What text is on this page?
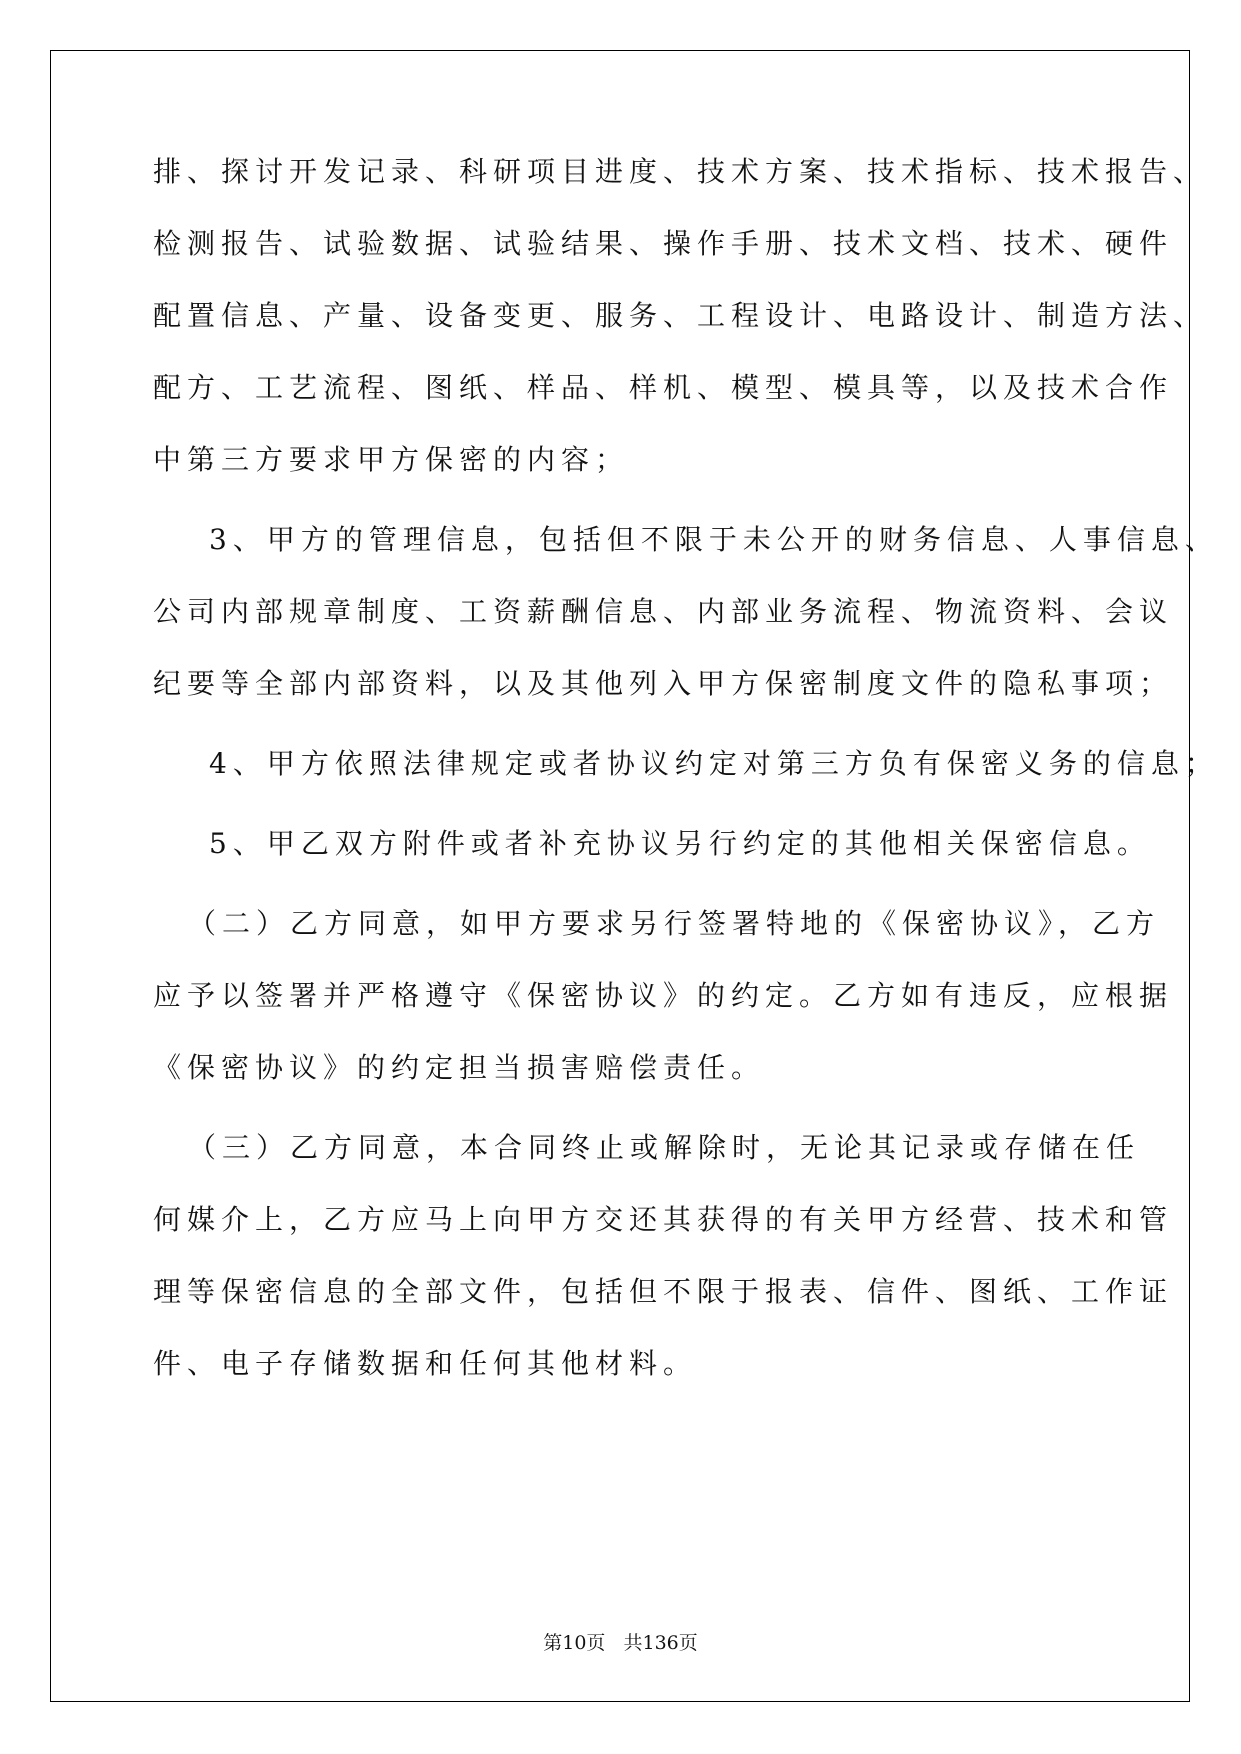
排、探讨开发记录、科研项目进度、技术方案、技术指标、技术报告、
检测报告、试验数据、试验结果、操作手册、技术文档、技术、硬件
配置信息、产量、设备变更、服务、工程设计、电路设计、制造方法、
配方、工艺流程、图纸、样品、样机、模型、模具等，以及技术合作
中第三方要求甲方保密的内容；
3、甲方的管理信息，包括但不限于未公开的财务信息、人事信息、
公司内部规章制度、工资薪酬信息、内部业务流程、物流资料、会议
纪要等全部内部资料，以及其他列入甲方保密制度文件的隐私事项；
4、甲方依照法律规定或者协议约定对第三方负有保密义务的信息；
5、甲乙双方附件或者补充协议另行约定的其他相关保密信息。
（二）乙方同意，如甲方要求另行签署特地的《保密协议》，乙方
应予以签署并严格遵守《保密协议》的约定。乙方如有违反，应根据
《保密协议》的约定担当损害赔偿责任。
（三）乙方同意，本合同终止或解除时，无论其记录或存储在任
何媒介上，乙方应马上向甲方交还其获得的有关甲方经营、技术和管
理等保密信息的全部文件，包括但不限于报表、信件、图纸、工作证
件、电子存储数据和任何其他材料。
第10页 共136页
